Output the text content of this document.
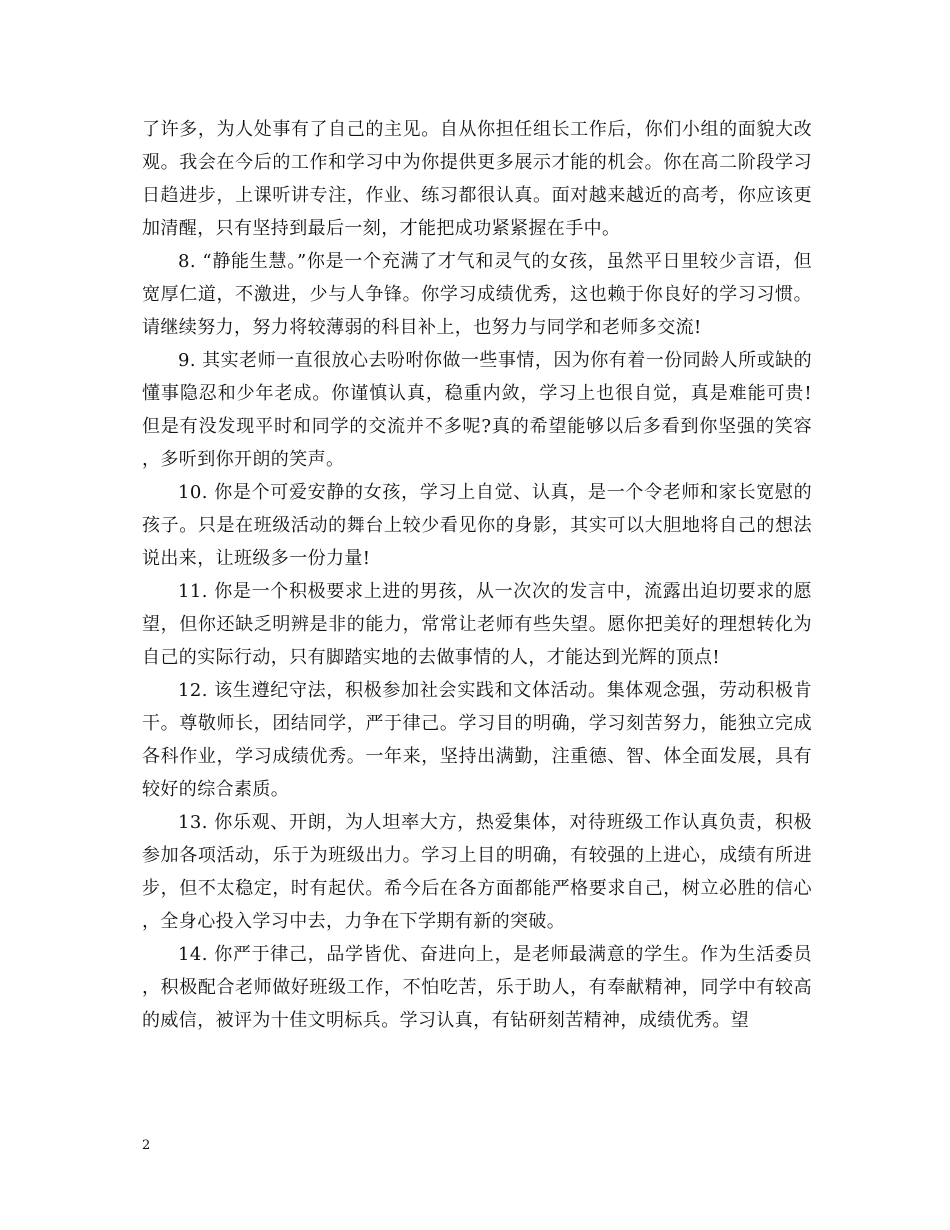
了许多，为人处事有了自己的主见。自从你担任组长工作后，你们小组的面貌大改观。我会在今后的工作和学习中为你提供更多展示才能的机会。你在高二阶段学习日趋进步，上课听讲专注，作业、练习都很认真。面对越来越近的高考，你应该更加清醒，只有坚持到最后一刻，才能把成功紧紧握在手中。

8. “静能生慧。”你是一个充满了才气和灵气的女孩，虽然平日里较少言语，但宽厚仁道，不激进，少与人争锋。你学习成绩优秀，这也赖于你良好的学习习惯。请继续努力，努力将较薄弱的科目补上，也努力与同学和老师多交流!

9. 其实老师一直很放心去吩咐你做一些事情，因为你有着一份同龄人所或缺的懂事隐忍和少年老成。你谨慎认真，稳重内敛，学习上也很自觉，真是难能可贵!但是有没发现平时和同学的交流并不多呢?真的希望能够以后多看到你坚强的笑容，多听到你开朗的笑声。

10. 你是个可爱安静的女孩，学习上自觉、认真，是一个令老师和家长宽慰的孩子。只是在班级活动的舞台上较少看见你的身影，其实可以大胆地将自己的想法说出来，让班级多一份力量!

11. 你是一个积极要求上进的男孩，从一次次的发言中，流露出迫切要求的愿望，但你还缺乏明辨是非的能力，常常让老师有些失望。愿你把美好的理想转化为自己的实际行动，只有脚踏实地的去做事情的人，才能达到光辉的顶点!

12. 该生遵纪守法，积极参加社会实践和文体活动。集体观念强，劳动积极肯干。尊敬师长，团结同学，严于律己。学习目的明确，学习刻苦努力，能独立完成各科作业，学习成绩优秀。一年来，坚持出满勤，注重德、智、体全面发展，具有较好的综合素质。

13. 你乐观、开朗，为人坦率大方，热爱集体，对待班级工作认真负责，积极参加各项活动，乐于为班级出力。学习上目的明确，有较强的上进心，成绩有所进步，但不太稳定，时有起伏。希今后在各方面都能严格要求自己，树立必胜的信心，全身心投入学习中去，力争在下学期有新的突破。

14. 你严于律己，品学皆优、奋进向上，是老师最满意的学生。作为生活委员，积极配合老师做好班级工作，不怕吃苦，乐于助人，有奉献精神，同学中有较高的威信，被评为十佳文明标兵。学习认真，有钻研刻苦精神，成绩优秀。望

2
